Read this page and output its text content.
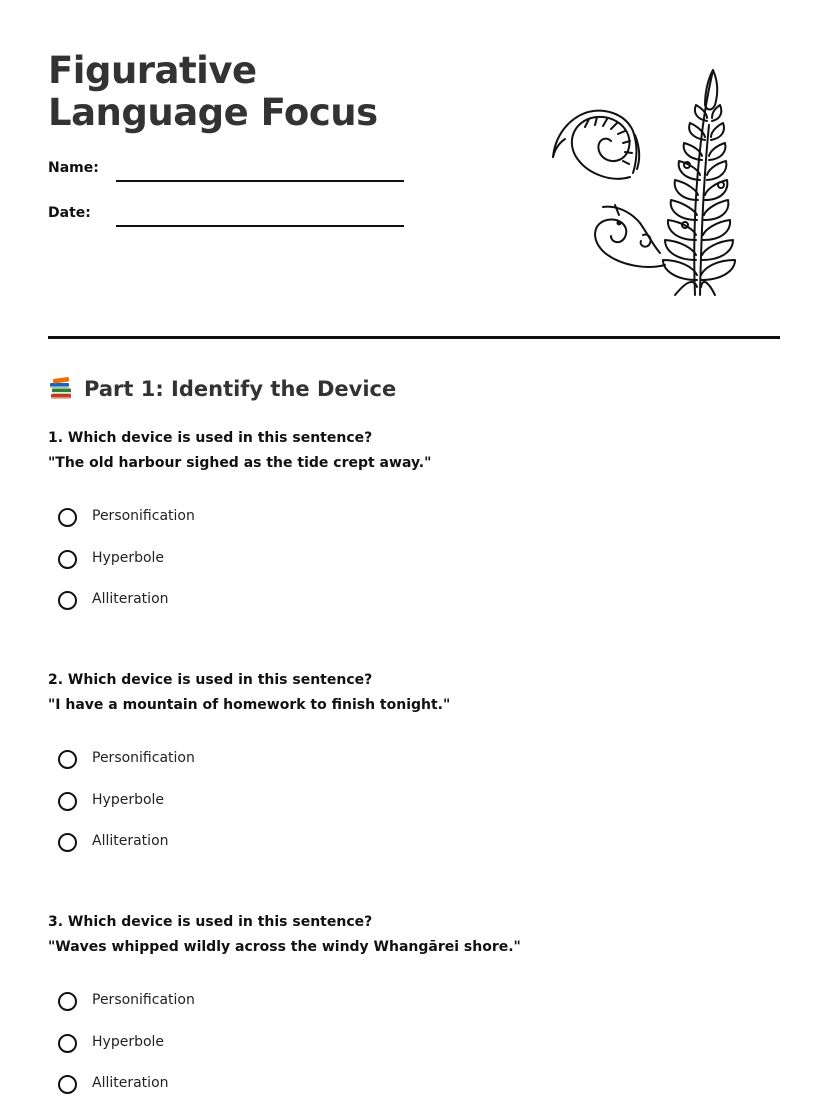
Figurative Language Focus
Name:
Date:
Part 1: Identify the Device
1. Which device is used in this sentence?
"The old harbour sighed as the tide crept away."
Personification
Hyperbole
Alliteration
2. Which device is used in this sentence?
"I have a mountain of homework to finish tonight."
Personification
Hyperbole
Alliteration
3. Which device is used in this sentence?
"Waves whipped wildly across the windy Whangārei shore."
Personification
Hyperbole
Alliteration
